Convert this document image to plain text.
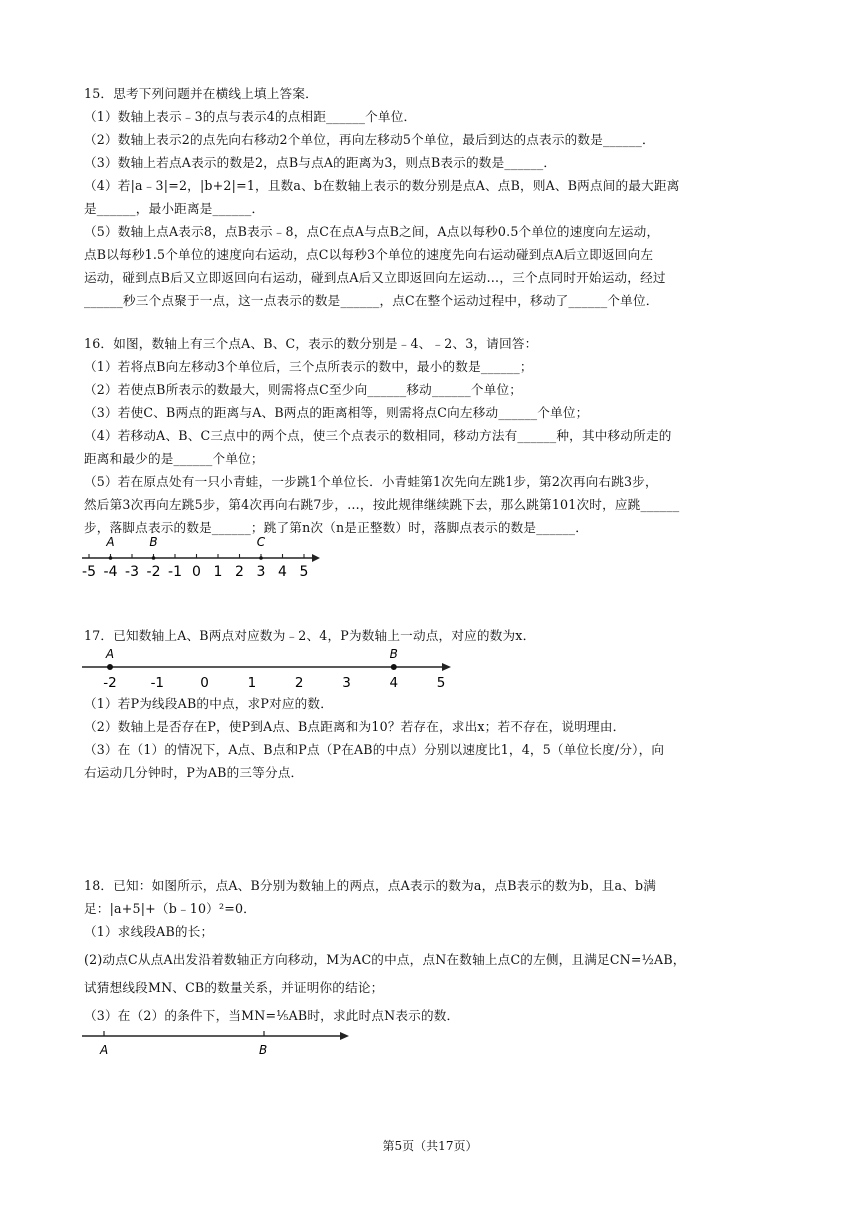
15．思考下列问题并在横线上填上答案．
（1）数轴上表示﹣3的点与表示4的点相距______个单位．
（2）数轴上表示2的点先向右移动2个单位，再向左移动5个单位，最后到达的点表示的数是______．
（3）数轴上若点A表示的数是2，点B与点A的距离为3，则点B表示的数是______．
（4）若|a﹣3|=2，|b+2|=1，且数a、b在数轴上表示的数分别是点A、点B，则A、B两点间的最大距离
是______，最小距离是______．
（5）数轴上点A表示8，点B表示﹣8，点C在点A与点B之间，A点以每秒0.5个单位的速度向左运动，
点B以每秒1.5个单位的速度向右运动，点C以每秒3个单位的速度先向右运动碰到点A后立即返回向左
运动，碰到点B后又立即返回向右运动，碰到点A后又立即返回向左运动…，三个点同时开始运动，经过
______秒三个点聚于一点，这一点表示的数是______，点C在整个运动过程中，移动了______个单位．
16．如图，数轴上有三个点A、B、C，表示的数分别是﹣4、﹣2、3，请回答：
（1）若将点B向左移动3个单位后，三个点所表示的数中，最小的数是______；
（2）若使点B所表示的数最大，则需将点C至少向______移动______个单位；
（3）若使C、B两点的距离与A、B两点的距离相等，则需将点C向左移动______个单位；
（4）若移动A、B、C三点中的两个点，使三个点表示的数相同，移动方法有______种，其中移动所走的
距离和最少的是______个单位；
（5）若在原点处有一只小青蛙，一步跳1个单位长．小青蛙第1次先向左跳1步，第2次再向右跳3步，
然后第3次再向左跳5步，第4次再向右跳7步，…，按此规律继续跳下去，那么跳第101次时，应跳______
步，落脚点表示的数是______；跳了第n次（n是正整数）时，落脚点表示的数是______．
-5 -4 -3 -2 -1 0 1 2 3 4 5
A	B	C
17．已知数轴上A、B两点对应数为﹣2、4，P为数轴上一动点，对应的数为x．
-2	-1	0	1	2	3	4	5
A	B
（1）若P为线段AB的中点，求P对应的数．
（2）数轴上是否存在P，使P到A点、B点距离和为10？若存在，求出x；若不存在，说明理由．
（3）在（1）的情况下，A点、B点和P点（P在AB的中点）分别以速度比1，4，5（单位长度/分），向
右运动几分钟时，P为AB的三等分点．
18．已知：如图所示，点A、B分别为数轴上的两点，点A表示的数为a，点B表示的数为b，且a、b满
足：|a+5|+（b﹣10）²=0．
（1）求线段AB的长；
(2)动点C从点A出发沿着数轴正方向移动，M为AC的中点，点N在数轴上点C的左侧，且满足CN=½AB，
试猜想线段MN、CB的数量关系，并证明你的结论；
（3）在（2）的条件下，当MN=⅕AB时，求此时点N表示的数．
A	B
第5页（共17页）
